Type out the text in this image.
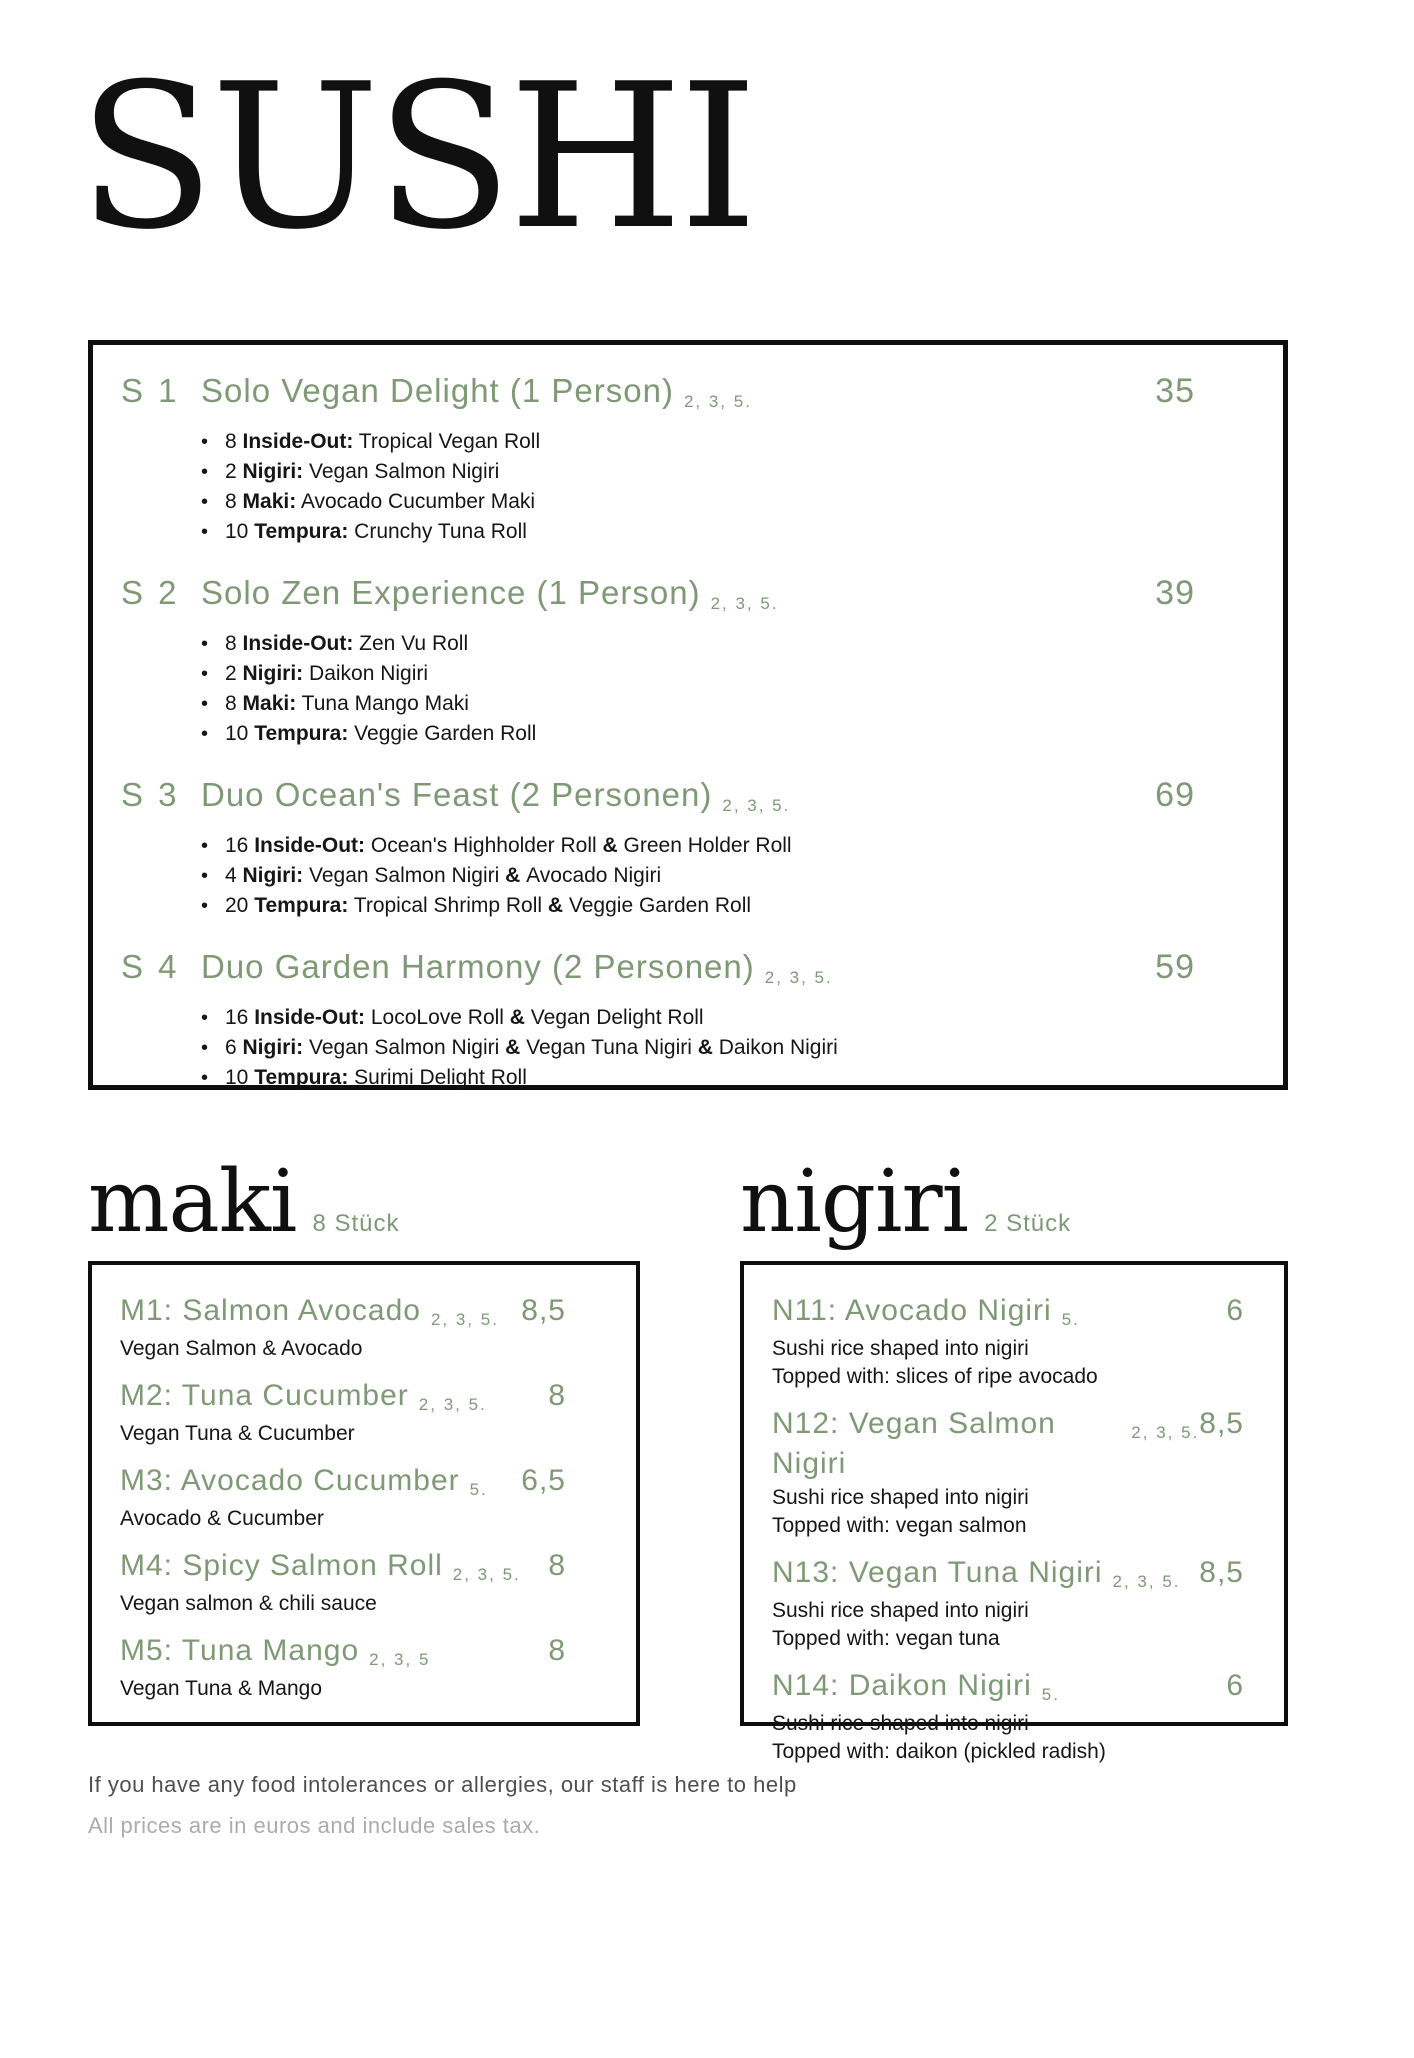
SUSHI
S 1 Solo Vegan Delight (1 Person) 2, 3, 5.	35
• 8 Inside-Out: Tropical Vegan Roll
• 2 Nigiri: Vegan Salmon Nigiri
• 8 Maki: Avocado Cucumber Maki
• 10 Tempura: Crunchy Tuna Roll
S 2 Solo Zen Experience (1 Person) 2, 3, 5.	39
• 8 Inside-Out: Zen Vu Roll
• 2 Nigiri: Daikon Nigiri
• 8 Maki: Tuna Mango Maki
• 10 Tempura: Veggie Garden Roll
S 3 Duo Ocean's Feast (2 Personen) 2, 3, 5.	69
• 16 Inside-Out: Ocean's Highholder Roll & Green Holder Roll
• 4 Nigiri: Vegan Salmon Nigiri & Avocado Nigiri
• 20 Tempura: Tropical Shrimp Roll & Veggie Garden Roll
S 4 Duo Garden Harmony (2 Personen) 2, 3, 5.	59
• 16 Inside-Out: LocoLove Roll & Vegan Delight Roll
• 6 Nigiri: Vegan Salmon Nigiri & Vegan Tuna Nigiri & Daikon Nigiri
• 10 Tempura: Surimi Delight Roll
maki 8 Stück
M1: Salmon Avocado 2, 3, 5. 8,5
Vegan Salmon & Avocado
M2: Tuna Cucumber 2, 3, 5. 8
Vegan Tuna & Cucumber
M3: Avocado Cucumber 5. 6,5
Avocado & Cucumber
M4: Spicy Salmon Roll 2, 3, 5. 8
Vegan salmon & chili sauce
M5: Tuna Mango 2, 3, 5	8
Vegan Tuna & Mango
nigiri 2 Stück
N11: Avocado Nigiri 5.	6
Sushi rice shaped into nigiri
Topped with: slices of ripe avocado
N12: Vegan Salmon Nigiri
2, 3, 5. 8,5
Sushi rice shaped into nigiri
Topped with: vegan salmon
N13: Vegan Tuna Nigiri 2, 3, 5. 8,5
Sushi rice shaped into nigiri
Topped with: vegan tuna
N14: Daikon Nigiri 5.	6
Sushi rice shaped into nigiri
Topped with: daikon (pickled radish)
If you have any food intolerances or allergies, our staff is here to help
All prices are in euros and include sales tax.
